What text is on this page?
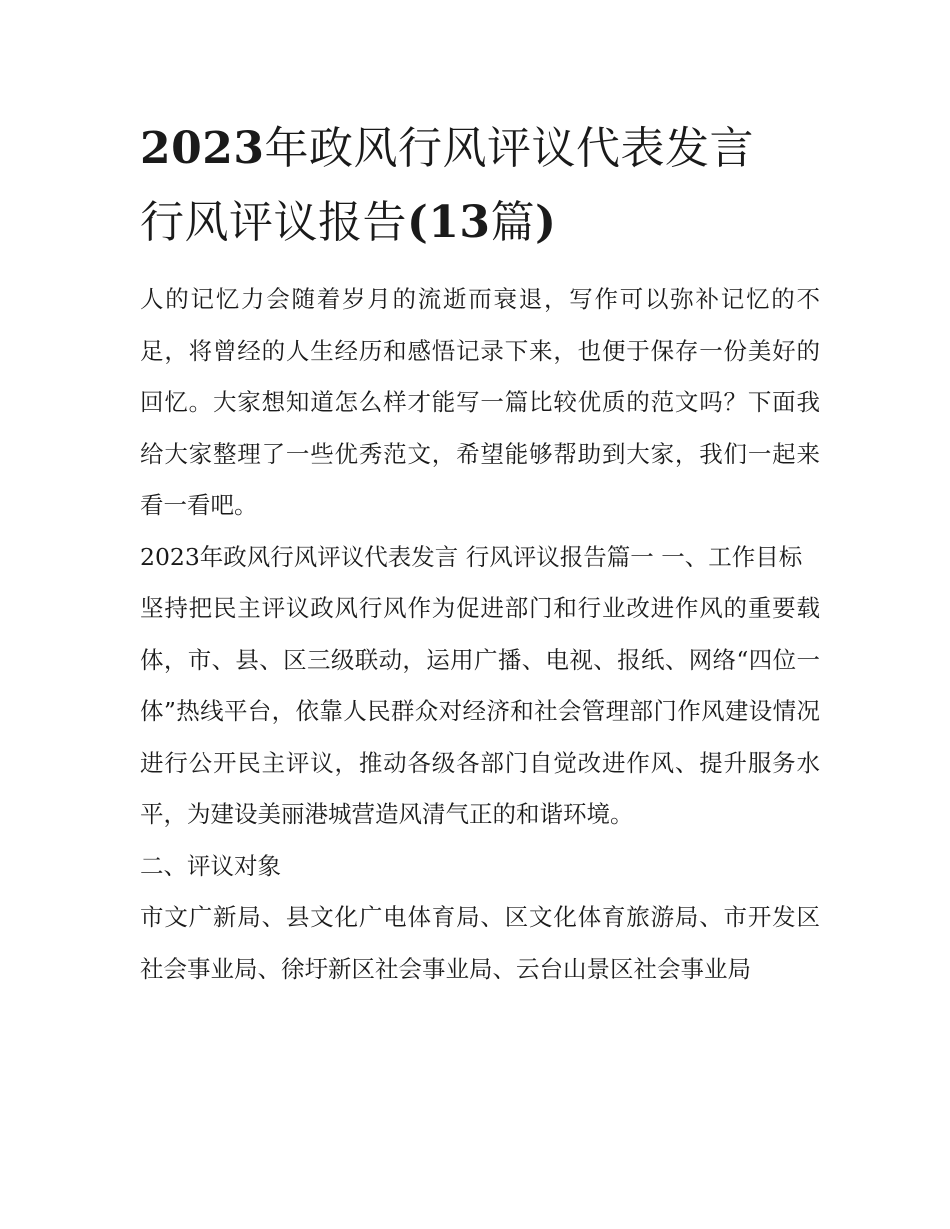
2023年政风行风评议代表发言
行风评议报告(13篇)

人的记忆力会随着岁月的流逝而衰退，写作可以弥补记忆的不足，将曾经的人生经历和感悟记录下来，也便于保存一份美好的回忆。大家想知道怎么样才能写一篇比较优质的范文吗？下面我给大家整理了一些优秀范文，希望能够帮助到大家，我们一起来看一看吧。

2023年政风行风评议代表发言 行风评议报告篇一 一、工作目标

坚持把民主评议政风行风作为促进部门和行业改进作风的重要载体，市、县、区三级联动，运用广播、电视、报纸、网络“四位一体”热线平台，依靠人民群众对经济和社会管理部门作风建设情况进行公开民主评议，推动各级各部门自觉改进作风、提升服务水平，为建设美丽港城营造风清气正的和谐环境。

二、评议对象

市文广新局、县文化广电体育局、区文化体育旅游局、市开发区社会事业局、徐圩新区社会事业局、云台山景区社会事业局
